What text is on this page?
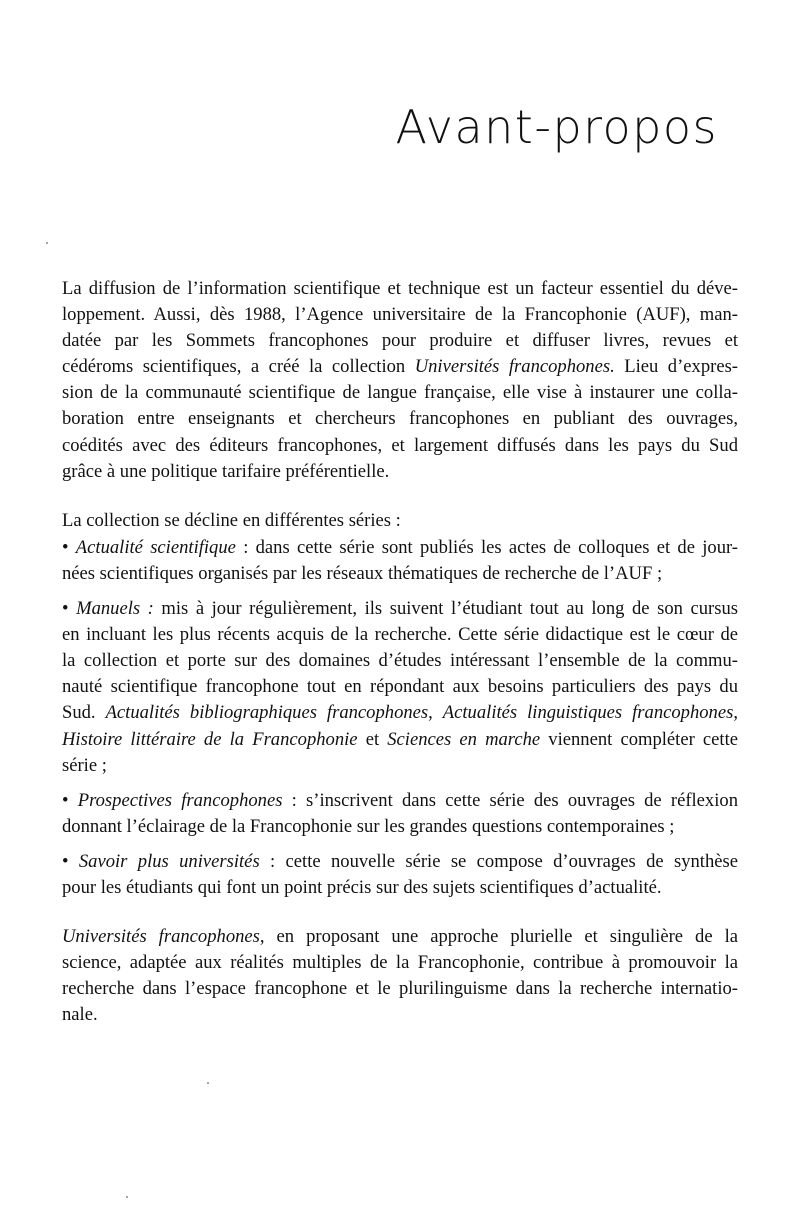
Avant-propos
La diffusion de l’information scientifique et technique est un facteur essentiel du déve-
loppement. Aussi, dès 1988, l’Agence universitaire de la Francophonie (AUF), man-
datée par les Sommets francophones pour produire et diffuser livres, revues et
cédéroms scientifiques, a créé la collection Universités francophones. Lieu d’expres-
sion de la communauté scientifique de langue française, elle vise à instaurer une colla-
boration entre enseignants et chercheurs francophones en publiant des ouvrages,
coédités avec des éditeurs francophones, et largement diffusés dans les pays du Sud
grâce à une politique tarifaire préférentielle.
La collection se décline en différentes séries :
• Actualité scientifique : dans cette série sont publiés les actes de colloques et de jour-
nées scientifiques organisés par les réseaux thématiques de recherche de l’AUF ;
• Manuels : mis à jour régulièrement, ils suivent l’étudiant tout au long de son cursus
en incluant les plus récents acquis de la recherche. Cette série didactique est le cœur de
la collection et porte sur des domaines d’études intéressant l’ensemble de la commu-
nauté scientifique francophone tout en répondant aux besoins particuliers des pays du
Sud. Actualités bibliographiques francophones, Actualités linguistiques francophones,
Histoire littéraire de la Francophonie et Sciences en marche viennent compléter cette
série ;
• Prospectives francophones : s’inscrivent dans cette série des ouvrages de réflexion
donnant l’éclairage de la Francophonie sur les grandes questions contemporaines ;
• Savoir plus universités : cette nouvelle série se compose d’ouvrages de synthèse
pour les étudiants qui font un point précis sur des sujets scientifiques d’actualité.
Universités francophones, en proposant une approche plurielle et singulière de la
science, adaptée aux réalités multiples de la Francophonie, contribue à promouvoir la
recherche dans l’espace francophone et le plurilinguisme dans la recherche internatio-
nale.
